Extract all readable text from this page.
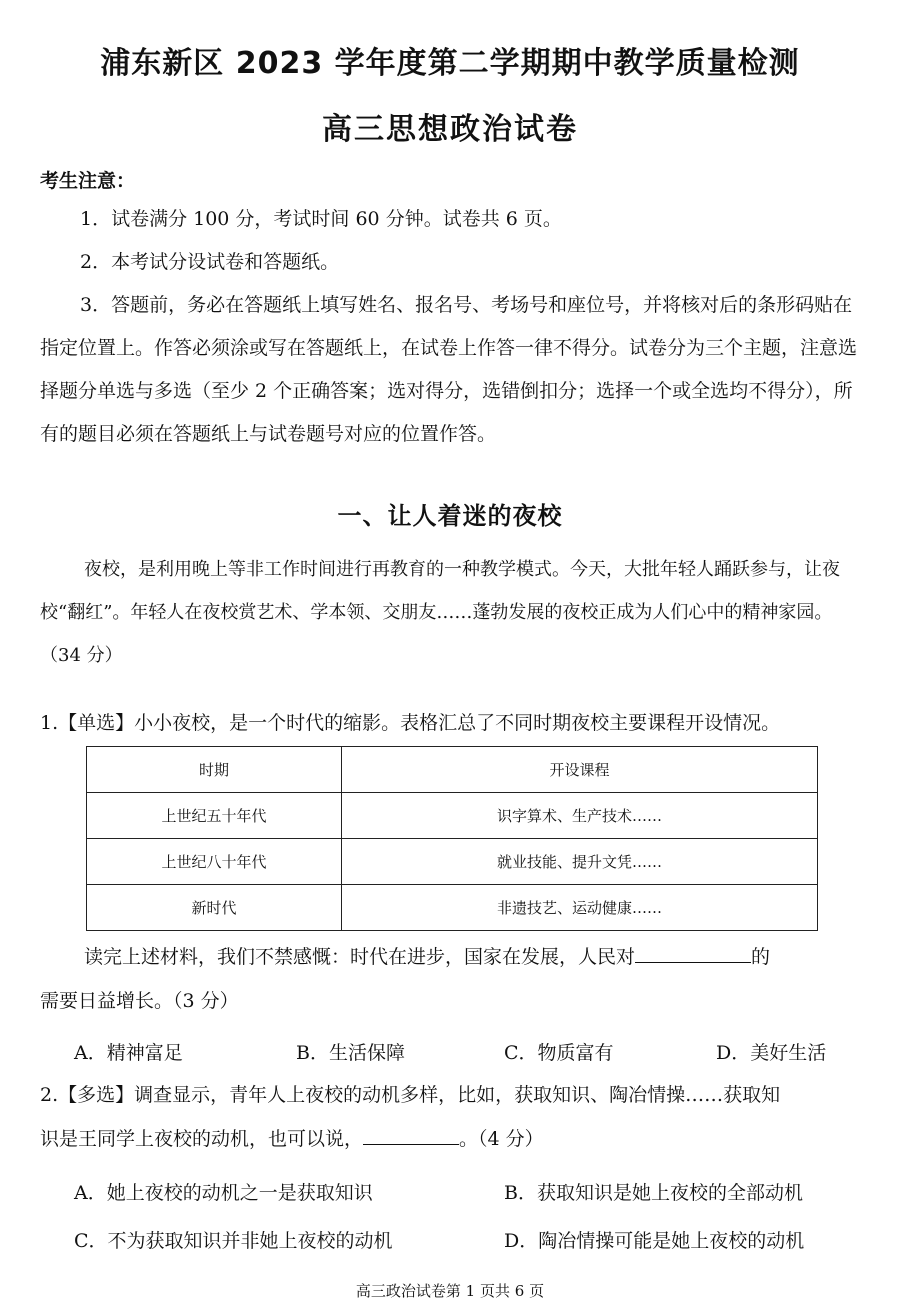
浦东新区 2023 学年度第二学期期中教学质量检测
高三思想政治试卷
考生注意：
1．试卷满分 100 分，考试时间 60 分钟。试卷共 6 页。
2．本考试分设试卷和答题纸。
3．答题前，务必在答题纸上填写姓名、报名号、考场号和座位号，并将核对后的条形码贴在指定位置上。作答必须涂或写在答题纸上，在试卷上作答一律不得分。试卷分为三个主题，注意选择题分单选与多选（至少 2 个正确答案；选对得分，选错倒扣分；选择一个或全选均不得分），所有的题目必须在答题纸上与试卷题号对应的位置作答。
一、让人着迷的夜校
夜校，是利用晚上等非工作时间进行再教育的一种教学模式。今天，大批年轻人踊跃参与，让夜校“翻红”。年轻人在夜校赏艺术、学本领、交朋友……蓬勃发展的夜校正成为人们心中的精神家园。（34 分）
1.【单选】小小夜校，是一个时代的缩影。表格汇总了不同时期夜校主要课程开设情况。
时期	开设课程
上世纪五十年代	识字算术、生产技术……
上世纪八十年代	就业技能、提升文凭……
新时代	非遗技艺、运动健康……
读完上述材料，我们不禁感慨：时代在进步，国家在发展，人民对	的
需要日益增长。（3 分）
A．精神富足	B．生活保障	C．物质富有	D．美好生活
2.【多选】调查显示，青年人上夜校的动机多样，比如，获取知识、陶冶情操……获取知
识是王同学上夜校的动机，也可以说，	。（4 分）
A．她上夜校的动机之一是获取知识	B．获取知识是她上夜校的全部动机
C．不为获取知识并非她上夜校的动机	D．陶冶情操可能是她上夜校的动机
高三政治试卷第 1 页共 6 页
